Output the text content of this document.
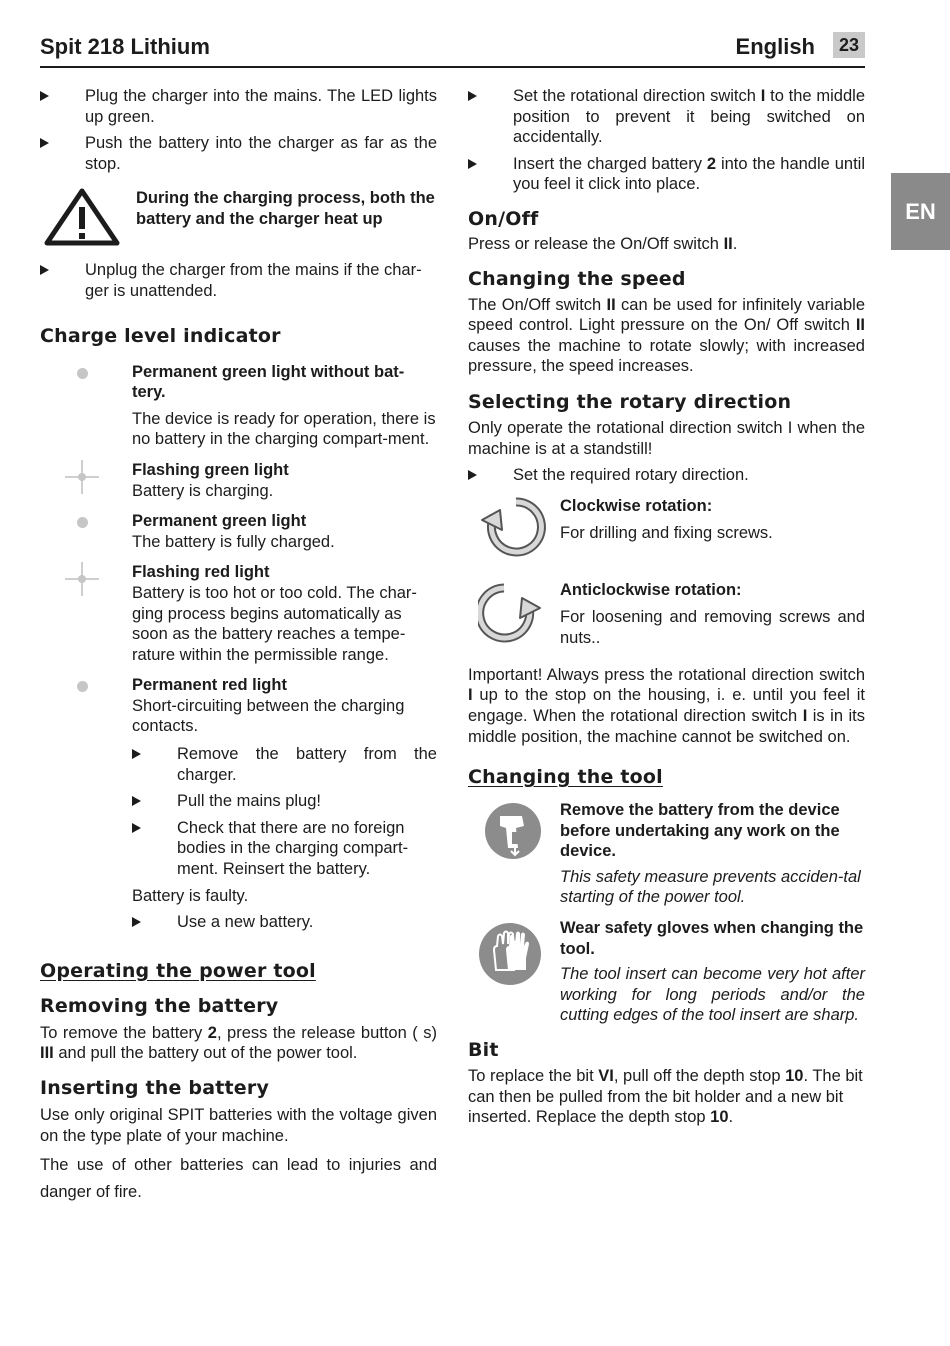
Spit 218 Lithium	English	23
EN
Plug the charger into the mains. The LED lights up green.
Push the battery into the charger as far as the stop.

During the charging process, both the battery and the charger heat up

Unplug the charger from the mains if the char-ger is unattended.
Charge level indicator

Permanent green light without bat-tery.

The device is ready for operation, there is no battery in the charging compart-ment.

Flashing green light

Battery is charging.

Permanent green light

The battery is fully charged.

Flashing red light

Battery is too hot or too cold. The char-ging process begins automatically as soon as the battery reaches a tempe-rature within the permissible range.

Permanent red light

Short-circuiting between the charging contacts.

Remove the battery from the charger.
Pull the mains plug!
Check that there are no foreign bodies in the charging compart-ment. Reinsert the battery.

Battery is faulty.

Use a new battery.
Operating the power tool
Removing the battery

To remove the battery 2, press the release button ( s) III and pull the battery out of the power tool.

Inserting the battery

Use only original SPIT batteries with the voltage given on the type plate of your machine.

The use of other batteries can lead to injuries and danger of fire.

Set the rotational direction switch I to the middle position to prevent it being switched on accidentally.
Insert the charged battery 2 into the handle until you feel it click into place.
On/Off

Press or release the On/Off switch II.

Changing the speed

The On/Off switch II can be used for infinitely variable speed control. Light pressure on the On/ Off switch II causes the machine to rotate slowly; with increased pressure, the speed increases.

Selecting the rotary direction

Only operate the rotational direction switch I when the machine is at a standstill!

Set the required rotary direction.

Clockwise rotation:

For drilling and fixing screws.

Anticlockwise rotation:

For loosening and removing screws and nuts..

Important! Always press the rotational direction switch I up to the stop on the housing, i. e. until you feel it engage. When the rotational direction switch I is in its middle position, the machine cannot be switched on.

Changing the tool

Remove the battery from the device before undertaking any work on the device.

This safety measure prevents acciden-tal starting of the power tool.

Wear safety gloves when changing the tool.

The tool insert can become very hot after working for long periods and/or the cutting edges of the tool insert are sharp.

Bit

To replace the bit VI, pull off the depth stop 10. The bit can then be pulled from the bit holder and a new bit inserted. Replace the depth stop 10.
